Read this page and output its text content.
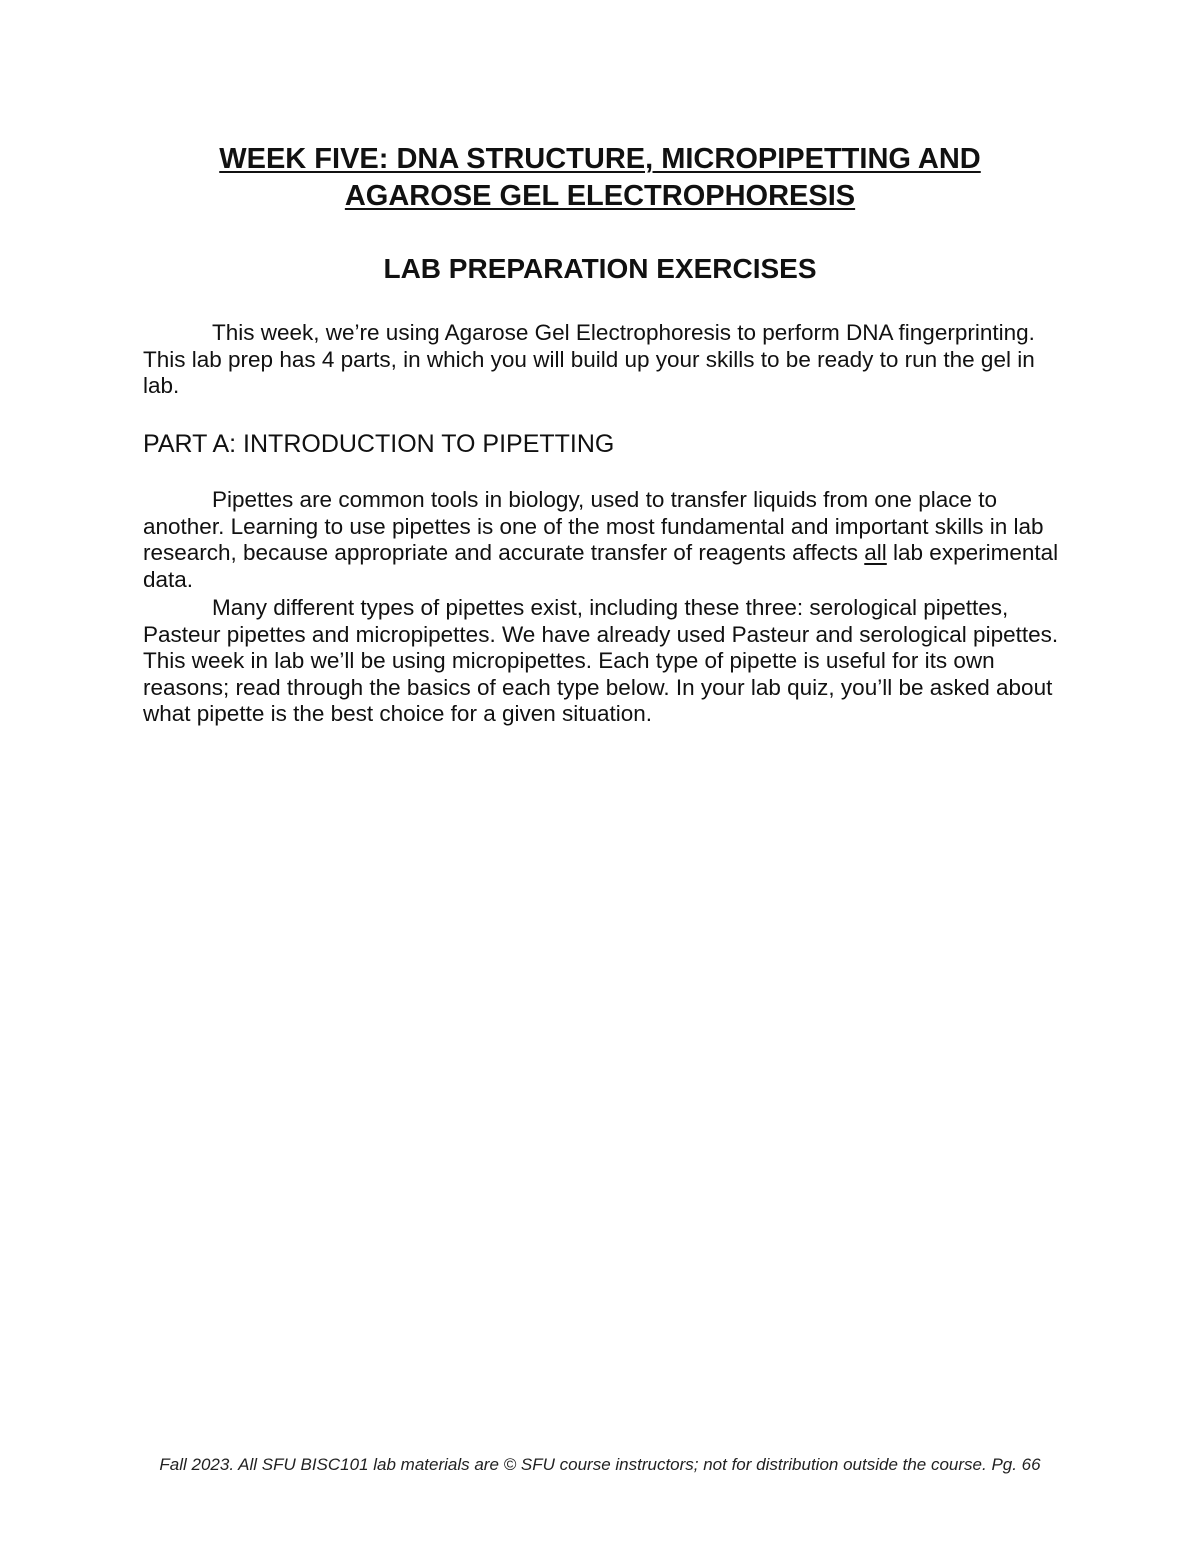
WEEK FIVE: DNA STRUCTURE, MICROPIPETTING AND
AGAROSE GEL ELECTROPHORESIS
LAB PREPARATION EXERCISES

This week, we’re using Agarose Gel Electrophoresis to perform DNA fingerprinting. This lab prep has 4 parts, in which you will build up your skills to be ready to run the gel in lab.

PART A: INTRODUCTION TO PIPETTING

Pipettes are common tools in biology, used to transfer liquids from one place to another. Learning to use pipettes is one of the most fundamental and important skills in lab research, because appropriate and accurate transfer of reagents affects all lab experimental data.

Many different types of pipettes exist, including these three: serological pipettes, Pasteur pipettes and micropipettes. We have already used Pasteur and serological pipettes. This week in lab we’ll be using micropipettes. Each type of pipette is useful for its own reasons; read through the basics of each type below. In your lab quiz, you’ll be asked about what pipette is the best choice for a given situation.

Fall 2023. All SFU BISC101 lab materials are © SFU course instructors; not for distribution outside the course. Pg. 66
